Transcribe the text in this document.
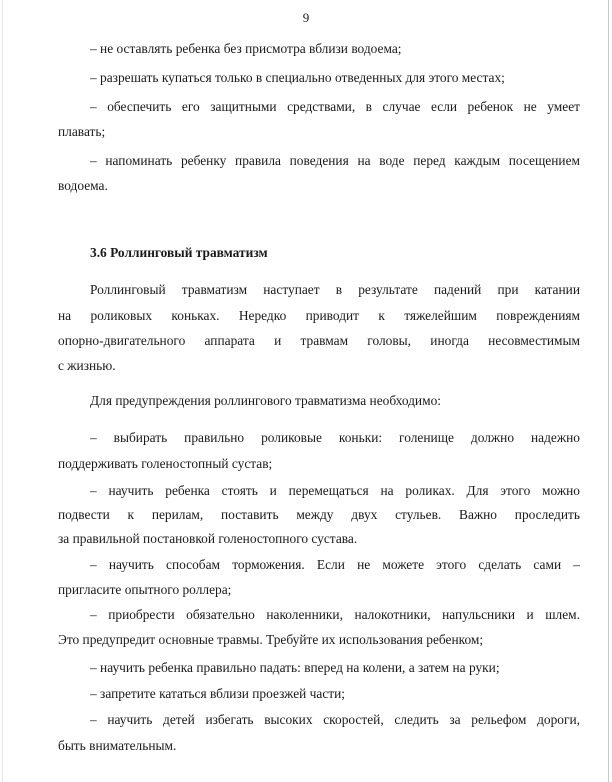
9
– не оставлять ребенка без присмотра вблизи водоема;
– разрешать купаться только в специально отведенных для этого местах;
– обеспечить его защитными средствами, в случае если ребенок не умеет
плавать;
– напоминать ребенку правила поведения на воде перед каждым посещением
водоема.
3.6 Роллинговый травматизм
Роллинговый травматизм наступает в результате падений при катании
на роликовых коньках. Нередко приводит к тяжелейшим повреждениям
опорно-двигательного аппарата и травмам головы, иногда несовместимым
с жизнью.
Для предупреждения роллингового травматизма необходимо:
– выбирать правильно роликовые коньки: голенище должно надежно
поддерживать голеностопный сустав;
– научить ребенка стоять и перемещаться на роликах. Для этого можно
подвести к перилам, поставить между двух стульев. Важно проследить
за правильной постановкой голеностопного сустава.
– научить способам торможения. Если не можете этого сделать сами –
пригласите опытного роллера;
– приобрести обязательно наколенники, налокотники, напульсники и шлем.
Это предупредит основные травмы. Требуйте их использования ребенком;
– научить ребенка правильно падать: вперед на колени, а затем на руки;
– запретите кататься вблизи проезжей части;
– научить детей избегать высоких скоростей, следить за рельефом дороги,
быть внимательным.
